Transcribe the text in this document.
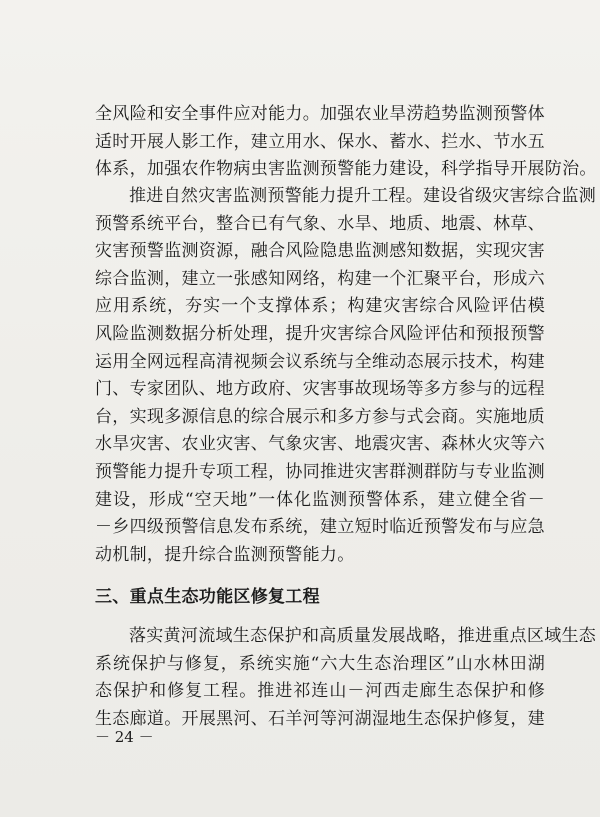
全风险和安全事件应对能力。加强农业旱涝趋势监测预警体
适时开展人影工作，建立用水、保水、蓄水、拦水、节水五
体系，加强农作物病虫害监测预警能力建设，科学指导开展防治。
推进自然灾害监测预警能力提升工程。建设省级灾害综合监测
预警系统平台，整合已有气象、水旱、地质、地震、林草、
灾害预警监测资源，融合风险隐患监测感知数据，实现灾害
综合监测，建立一张感知网络，构建一个汇聚平台，形成六
应用系统，夯实一个支撑体系；构建灾害综合风险评估模
风险监测数据分析处理，提升灾害综合风险评估和预报预警
运用全网远程高清视频会议系统与全维动态展示技术，构建
门、专家团队、地方政府、灾害事故现场等多方参与的远程
台，实现多源信息的综合展示和多方参与式会商。实施地质
水旱灾害、农业灾害、气象灾害、地震灾害、森林火灾等六
预警能力提升专项工程，协同推进灾害群测群防与专业监测
建设，形成“空天地”一体化监测预警体系，建立健全省－
－乡四级预警信息发布系统，建立短时临近预警发布与应急
动机制，提升综合监测预警能力。
三、重点生态功能区修复工程
落实黄河流域生态保护和高质量发展战略，推进重点区域生态
系统保护与修复，系统实施“六大生态治理区”山水林田湖
态保护和修复工程。推进祁连山－河西走廊生态保护和修
生态廊道。开展黑河、石羊河等河湖湿地生态保护修复，建
－ 24 －
